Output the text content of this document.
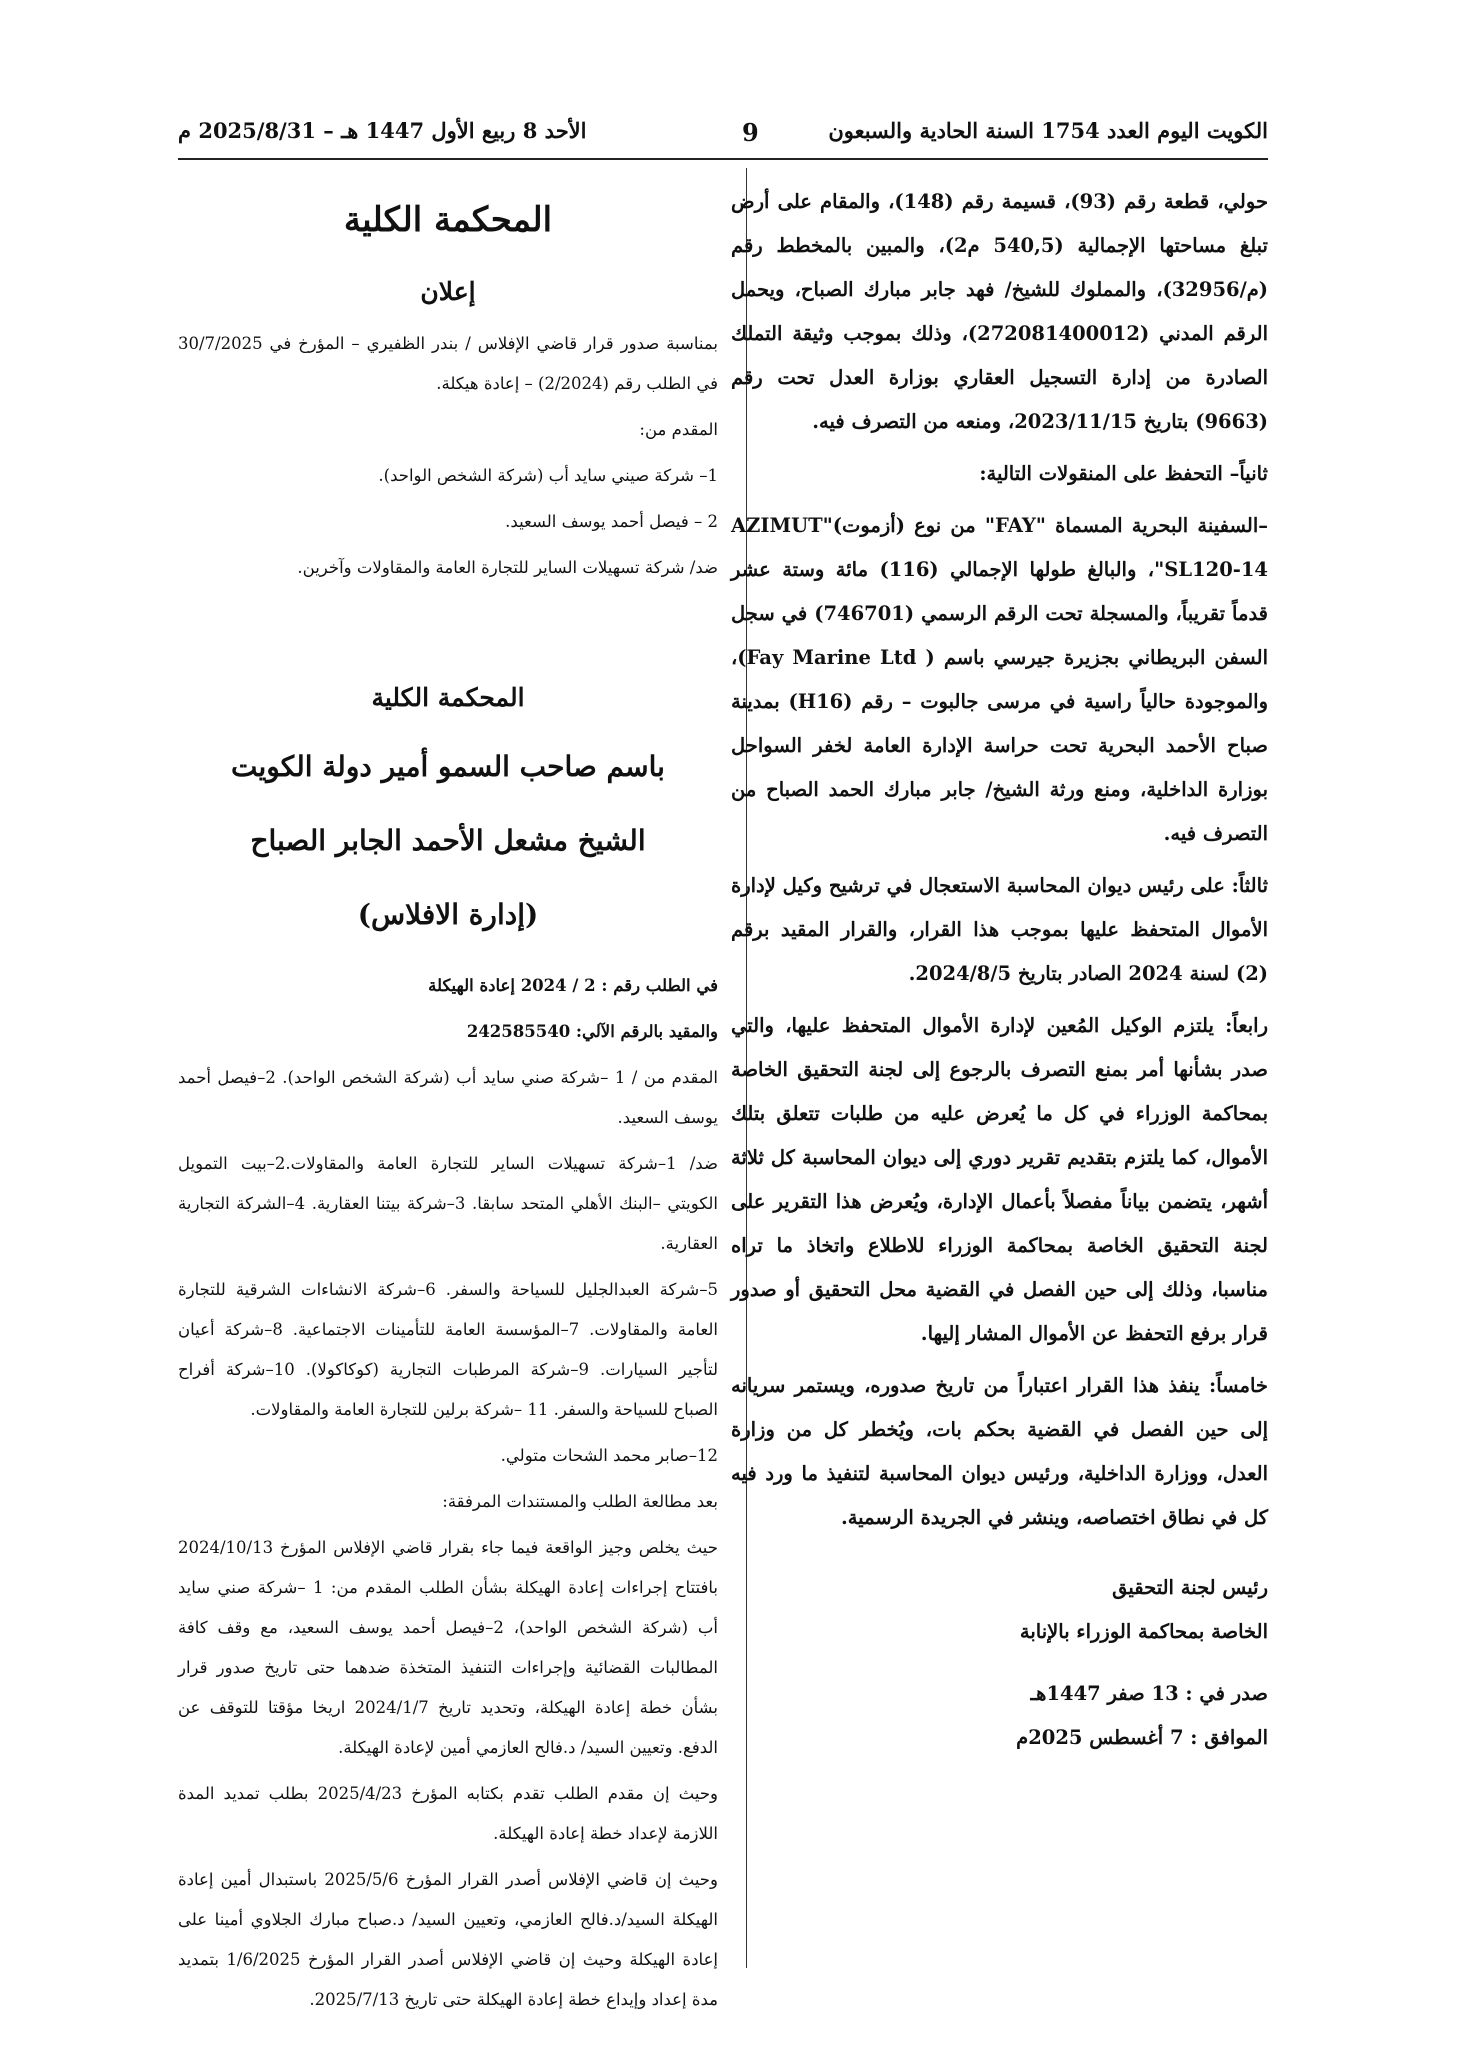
الكويت اليوم العدد 1754 السنة الحادية والسبعون
9
الأحد 8 ربيع الأول 1447 هـ – 2025/8/31 م

حولي، قطعة رقم (93)، قسيمة رقم (148)، والمقام على أرض تبلغ مساحتها الإجمالية (540,5 م2)، والمبين بالمخطط رقم (م/32956)، والمملوك للشيخ/ فهد جابر مبارك الصباح، ويحمل الرقم المدني (272081400012)، وذلك بموجب وثيقة التملك الصادرة من إدارة التسجيل العقاري بوزارة العدل تحت رقم (9663) بتاريخ 2023/11/15، ومنعه من التصرف فيه.

ثانياً– التحفظ على المنقولات التالية:

–السفينة البحرية المسماة "FAY" من نوع (أزموت)"AZIMUT SL120-14"، والبالغ طولها الإجمالي (116) مائة وستة عشر قدماً تقريباً، والمسجلة تحت الرقم الرسمي (746701) في سجل السفن البريطاني بجزيرة جيرسي باسم ( Fay Marine Ltd)، والموجودة حالياً راسية في مرسى جالبوت – رقم (H16) بمدينة صباح الأحمد البحرية تحت حراسة الإدارة العامة لخفر السواحل بوزارة الداخلية، ومنع ورثة الشيخ/ جابر مبارك الحمد الصباح من التصرف فيه.

ثالثاً: على رئيس ديوان المحاسبة الاستعجال في ترشيح وكيل لإدارة الأموال المتحفظ عليها بموجب هذا القرار، والقرار المقيد برقم (2) لسنة 2024 الصادر بتاريخ 2024/8/5.

رابعاً: يلتزم الوكيل المُعين لإدارة الأموال المتحفظ عليها، والتي صدر بشأنها أمر بمنع التصرف بالرجوع إلى لجنة التحقيق الخاصة بمحاكمة الوزراء في كل ما يُعرض عليه من طلبات تتعلق بتلك الأموال، كما يلتزم بتقديم تقرير دوري إلى ديوان المحاسبة كل ثلاثة أشهر، يتضمن بياناً مفصلاً بأعمال الإدارة، ويُعرض هذا التقرير على لجنة التحقيق الخاصة بمحاكمة الوزراء للاطلاع واتخاذ ما تراه مناسبا، وذلك إلى حين الفصل في القضية محل التحقيق أو صدور قرار برفع التحفظ عن الأموال المشار إليها.

خامساً: ينفذ هذا القرار اعتباراً من تاريخ صدوره، ويستمر سريانه إلى حين الفصل في القضية بحكم بات، ويُخطر كل من وزارة العدل، ووزارة الداخلية، ورئيس ديوان المحاسبة لتنفيذ ما ورد فيه كل في نطاق اختصاصه، وينشر في الجريدة الرسمية.

رئيس لجنة التحقيق

الخاصة بمحاكمة الوزراء بالإنابة

صدر في : 13 صفر 1447هـ

الموافق : 7 أغسطس 2025م

المحكمة الكلية

إعلان

بمناسبة صدور قرار قاضي الإفلاس / بندر الظفيري – المؤرخ في 30/7/2025 في الطلب رقم (2/2024) – إعادة هيكلة.

المقدم من:

1– شركة صيني سايد أب (شركة الشخص الواحد).

2 – فيصل أحمد يوسف السعيد.

ضد/ شركة تسهيلات الساير للتجارة العامة والمقاولات وآخرين.

المحكمة الكلية

باسم صاحب السمو أمير دولة الكويت

الشيخ مشعل الأحمد الجابر الصباح

(إدارة الافلاس)

في الطلب رقم : 2 / 2024 إعادة الهيكلة

والمقيد بالرقم الآلي: 242585540

المقدم من / 1 –شركة صني سايد أب (شركة الشخص الواحد). 2–فيصل أحمد يوسف السعيد.

ضد/ 1–شركة تسهيلات الساير للتجارة العامة والمقاولات.2–بيت التمويل الكويتي –البنك الأهلي المتحد سابقا. 3–شركة بيتنا العقارية. 4–الشركة التجارية العقارية.

5–شركة العبدالجليل للسياحة والسفر. 6–شركة الانشاءات الشرقية للتجارة العامة والمقاولات. 7–المؤسسة العامة للتأمينات الاجتماعية. 8–شركة أعيان لتأجير السيارات. 9–شركة المرطبات التجارية (كوكاكولا). 10–شركة أفراح الصباح للسياحة والسفر. 11 –شركة برلين للتجارة العامة والمقاولات.

12–صابر محمد الشحات متولي.

بعد مطالعة الطلب والمستندات المرفقة:

حيث يخلص وجيز الواقعة فيما جاء بقرار قاضي الإفلاس المؤرخ 2024/10/13 بافتتاح إجراءات إعادة الهيكلة بشأن الطلب المقدم من: 1 –شركة صني سايد أب (شركة الشخص الواحد)، 2–فيصل أحمد يوسف السعيد، مع وقف كافة المطالبات القضائية وإجراءات التنفيذ المتخذة ضدهما حتى تاريخ صدور قرار بشأن خطة إعادة الهيكلة، وتحديد تاريخ 2024/1/7 اريخا مؤقتا للتوقف عن الدفع. وتعيين السيد/ د.فالح العازمي أمين لإعادة الهيكلة.

وحيث إن مقدم الطلب تقدم بكتابه المؤرخ 2025/4/23 بطلب تمديد المدة اللازمة لإعداد خطة إعادة الهيكلة.

وحيث إن قاضي الإفلاس أصدر القرار المؤرخ 2025/5/6 باستبدال أمين إعادة الهيكلة السيد/د.فالح العازمي، وتعيين السيد/ د.صباح مبارك الجلاوي أمينا على إعادة الهيكلة وحيث إن قاضي الإفلاس أصدر القرار المؤرخ 1/6/2025 بتمديد مدة إعداد وإيداع خطة إعادة الهيكلة حتى تاريخ 2025/7/13.
